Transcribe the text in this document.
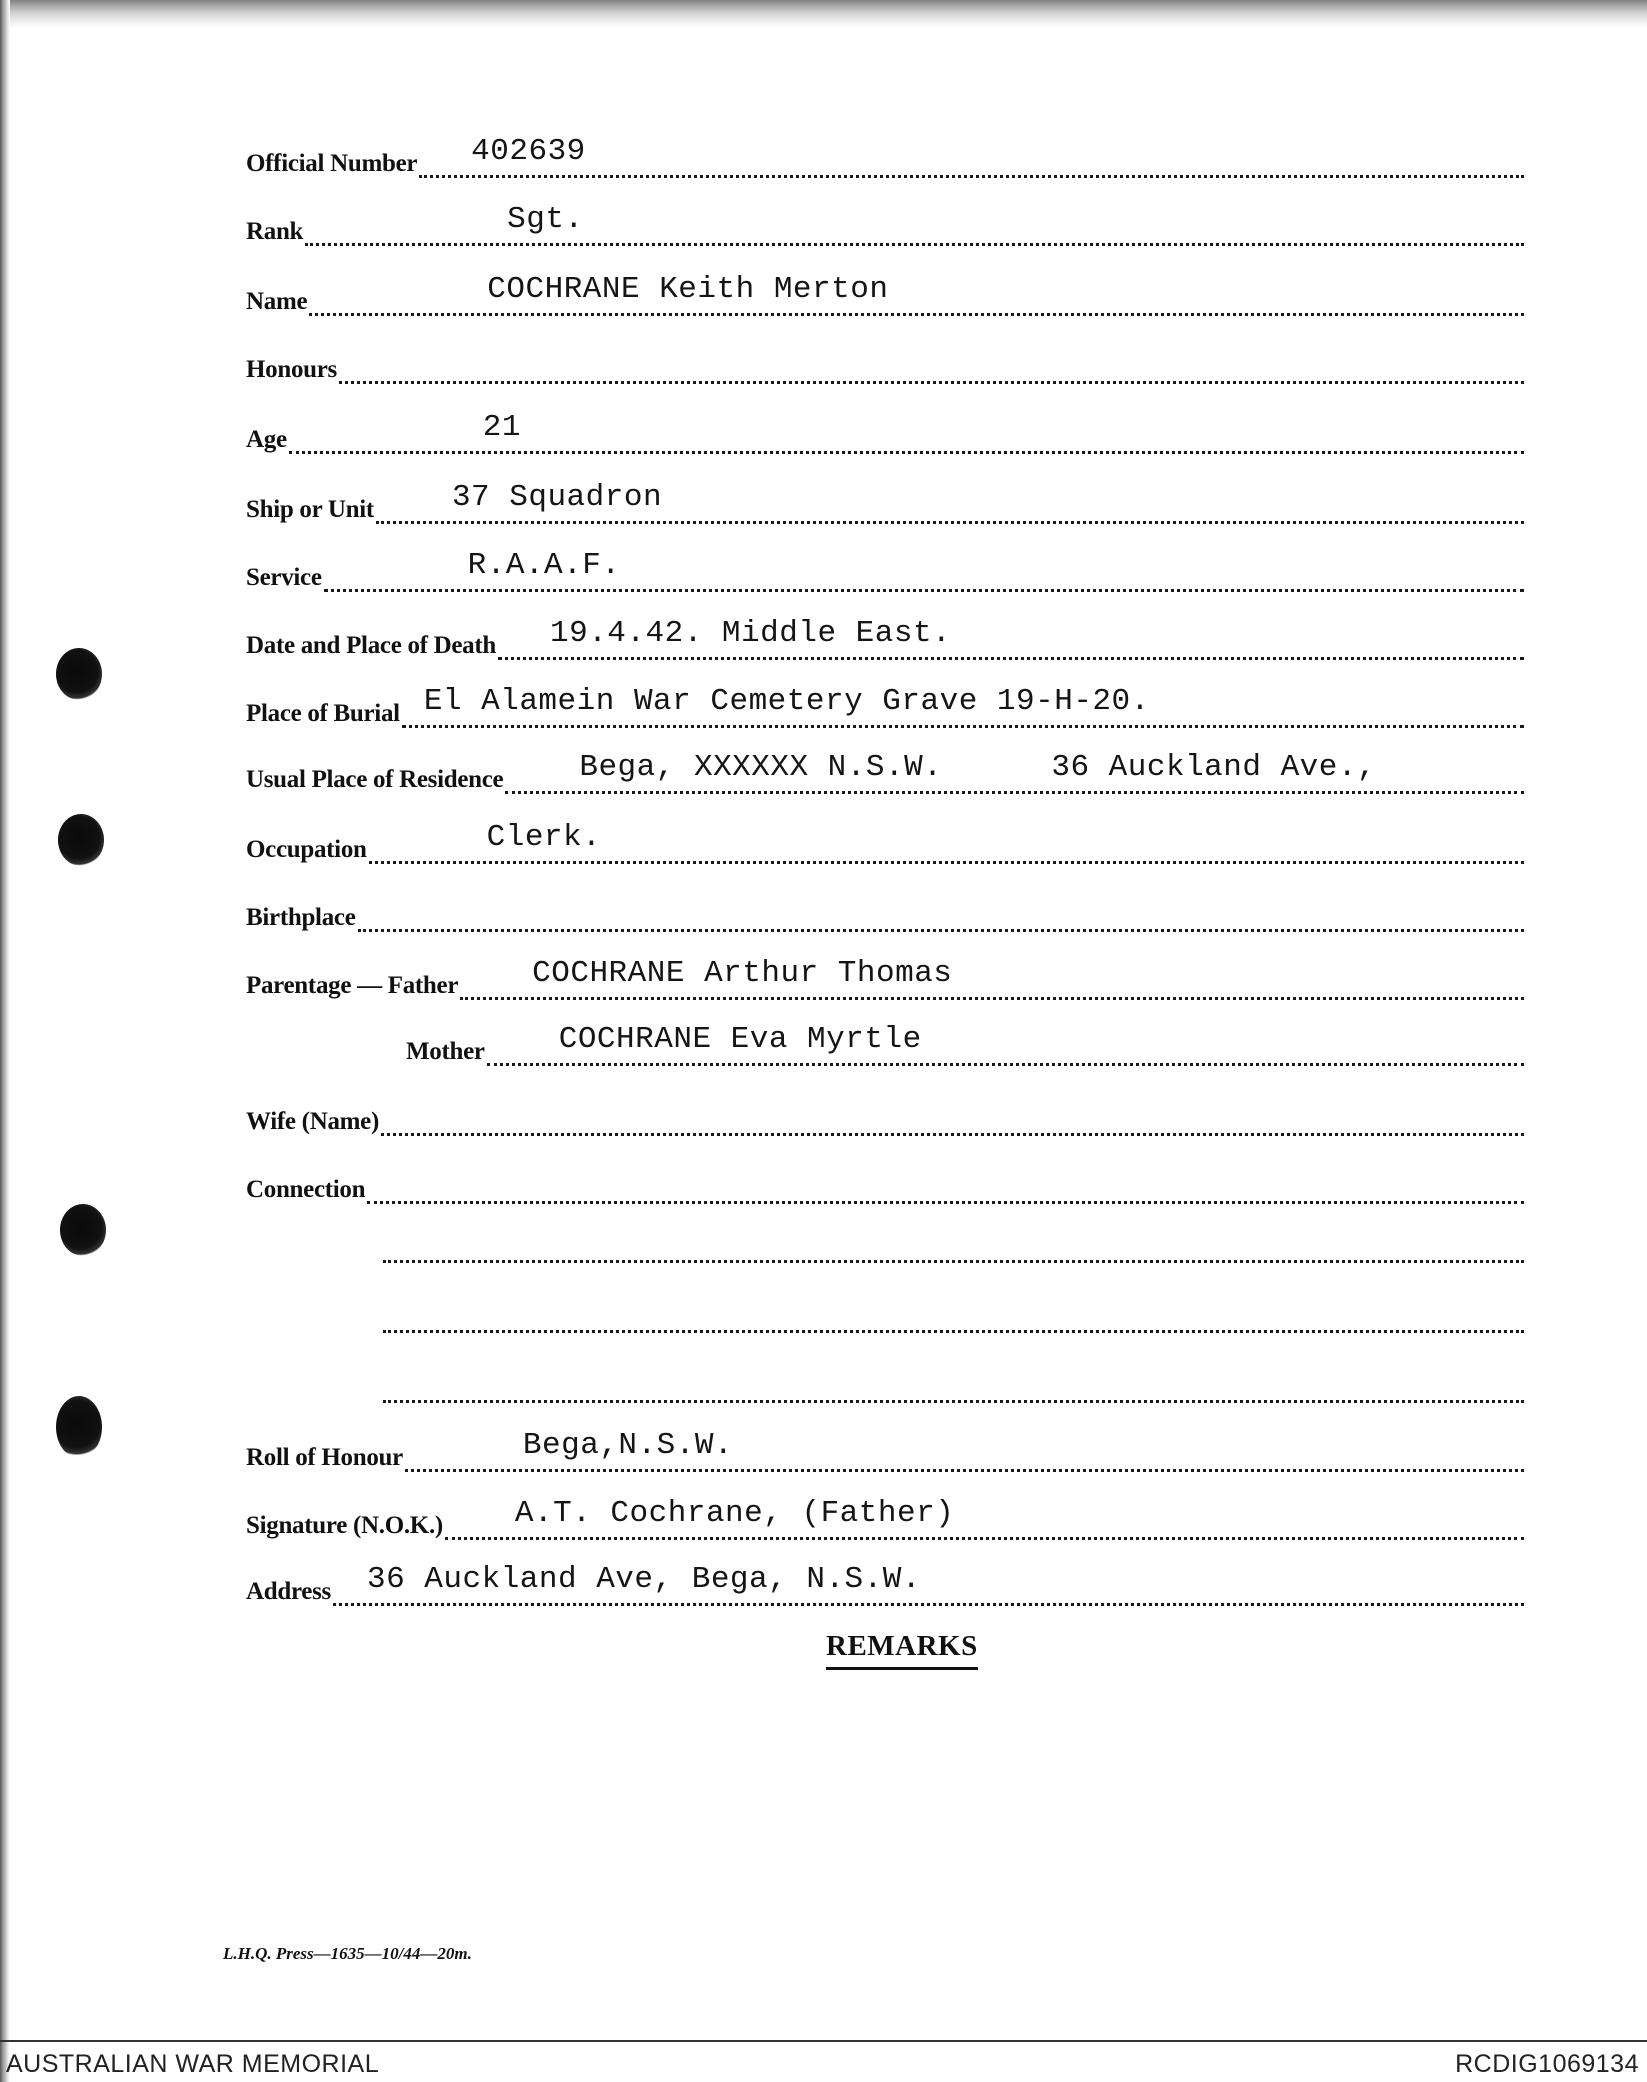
Official Number 402639
Rank	Sgt.
Name	COCHRANE Keith Merton
Honours
Age	21
Ship or Unit	37 Squadron
Service	R.A.A.F.
Date and Place of Death 19.4.42. Middle East.
Place of Burial El Alamein War Cemetery Grave 19-H-20.
Usual Place of Residence Bega, XXXXXX N.S.W.	36 Auckland Ave.,
Occupation	Clerk.
Birthplace
Parentage — Father COCHRANE Arthur Thomas
Mother COCHRANE Eva Myrtle
Wife (Name)
Connection
Roll of Honour	Bega,N.S.W.
Signature (N.O.K.) A.T. Cochrane, (Father)
Address 36 Auckland Ave, Bega, N.S.W.
REMARKS
L.H.Q. Press—1635—10/44—20m.
AUSTRALIAN WAR MEMORIAL	RCDIG1069134
